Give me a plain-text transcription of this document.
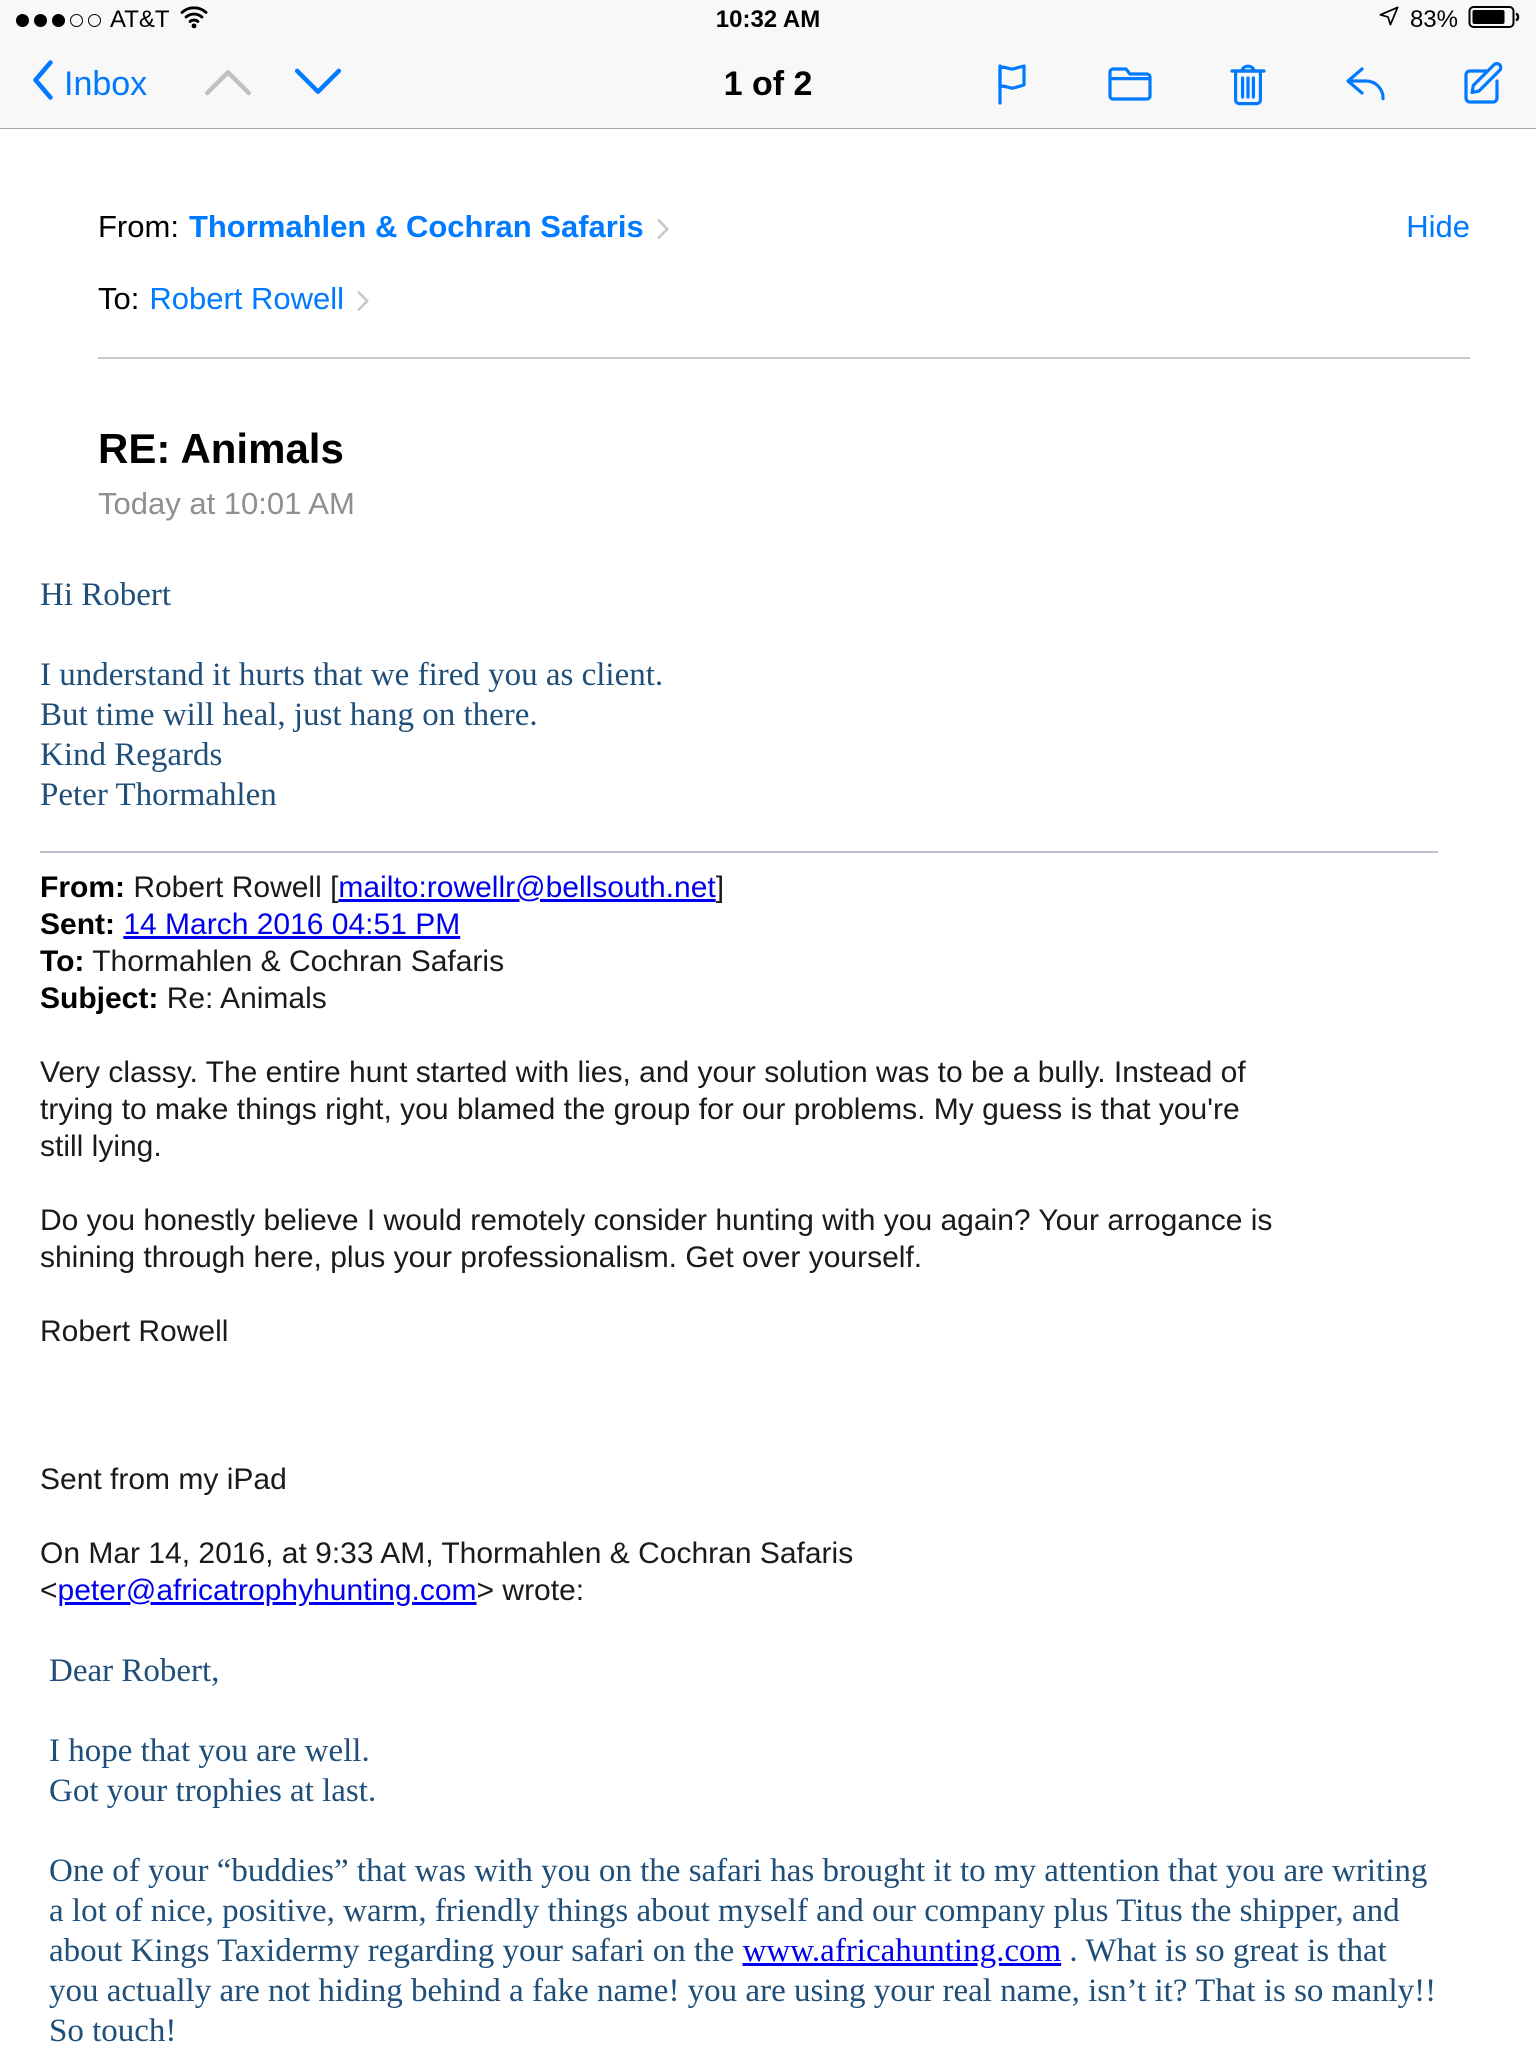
AT&T	10:32 AM	83%
Inbox	1 of 2
From: Thormahlen & Cochran Safaris	Hide
To: Robert Rowell
RE: Animals
Today at 10:01 AM
Hi Robert
I understand it hurts that we fired you as client.
But time will heal, just hang on there.
Kind Regards
Peter Thormahlen
From: Robert Rowell [mailto:rowellr@bellsouth.net]
Sent: 14 March 2016 04:51 PM
To: Thormahlen & Cochran Safaris
Subject: Re: Animals
Very classy. The entire hunt started with lies, and your solution was to be a bully. Instead of
trying to make things right, you blamed the group for our problems. My guess is that you're
still lying.
Do you honestly believe I would remotely consider hunting with you again? Your arrogance is
shining through here, plus your professionalism. Get over yourself.
Robert Rowell
Sent from my iPad
On Mar 14, 2016, at 9:33 AM, Thormahlen & Cochran Safaris
<peter@africatrophyhunting.com> wrote:
Dear Robert,
I hope that you are well.
Got your trophies at last.
One of your “buddies” that was with you on the safari has brought it to my attention that you are writing a lot of nice, positive, warm, friendly things about myself and our company plus Titus the shipper, and about Kings Taxidermy regarding your safari on the www.africahunting.com . What is so great is that you actually are not hiding behind a fake name! you are using your real name, isn’t it? That is so manly!! So touch!
